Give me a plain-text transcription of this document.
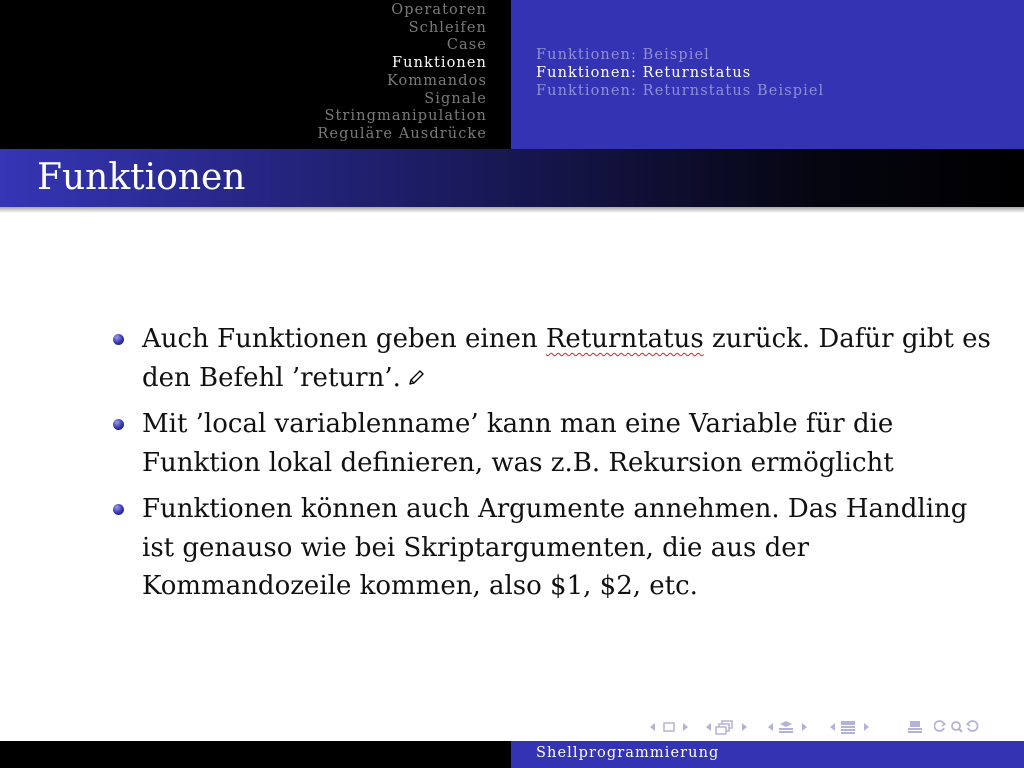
Operatoren
Schleifen
Case
Funktionen
Kommandos
Signale
Stringmanipulation
Reguläre Ausdrücke
Funktionen: Beispiel
Funktionen: Returnstatus
Funktionen: Returnstatus Beispiel
Funktionen
Auch Funktionen geben einen Returntatus zurück. Dafür gibt es den Befehl ’return’.
Mit ’local variablenname’ kann man eine Variable für die Funktion lokal definieren, was z.B. Rekursion ermöglicht
Funktionen können auch Argumente annehmen. Das Handling ist genauso wie bei Skriptargumenten, die aus der Kommandozeile kommen, also $1, $2, etc.
Shellprogrammierung
